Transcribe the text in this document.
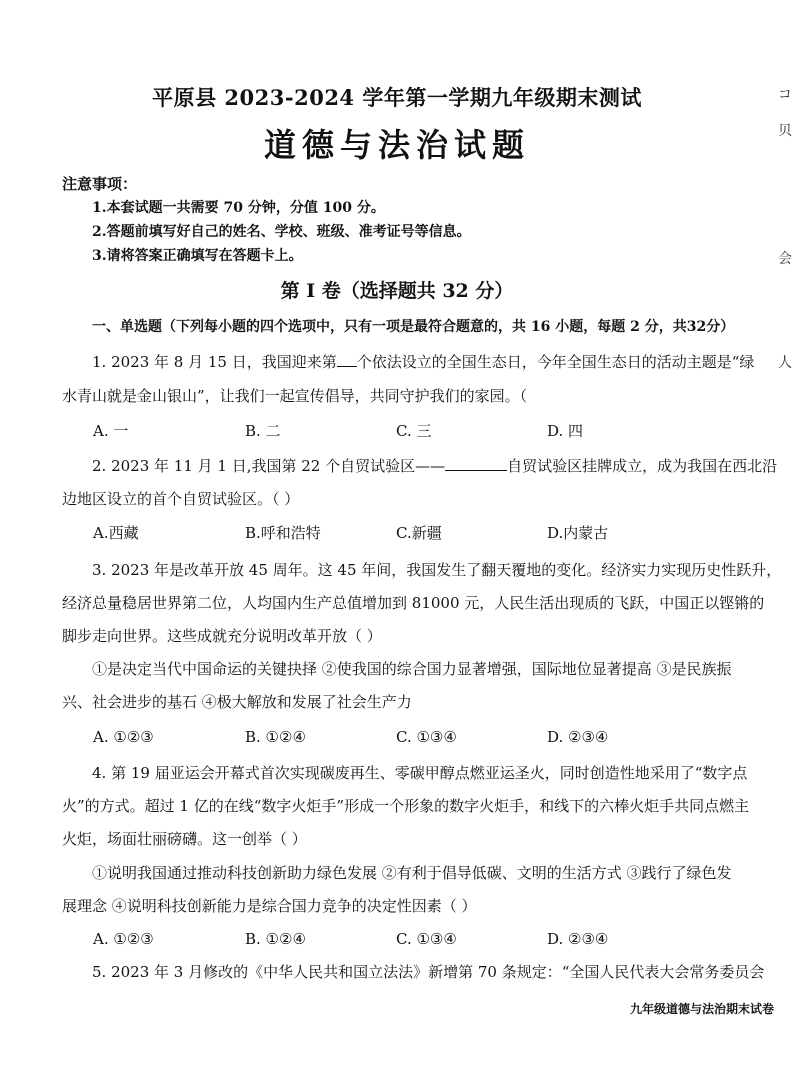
平原县 2023-2024 学年第一学期九年级期末测试
道德与法治试题
注意事项：
1.本套试题一共需要 70 分钟，分值 100 分。
2.答题前填写好自己的姓名、学校、班级、准考证号等信息。
3.请将答案正确填写在答题卡上。
第 I 卷（选择题共 32 分）
一、单选题（下列每小题的四个选项中，只有一项是最符合题意的，共 16 小题，每题 2 分，共32分）
1. 2023 年 8 月 15 日，我国迎来第 个依法设立的全国生态日，今年全国生态日的活动主题是“绿
水青山就是金山银山”，让我们一起宣传倡导，共同守护我们的家园。（
A. 一	B. 二	C. 三	D. 四
2. 2023 年 11 月 1 日,我国第 22 个自贸试验区——	自贸试验区挂牌成立，成为我国在西北沿
边地区设立的首个自贸试验区。（ ）
A.西藏	B.呼和浩特	C.新疆	D.内蒙古
3. 2023 年是改革开放 45 周年。这 45 年间，我国发生了翻天覆地的变化。经济实力实现历史性跃升，
经济总量稳居世界第二位，人均国内生产总值增加到 81000 元，人民生活出现质的飞跃，中国正以铿锵的
脚步走向世界。这些成就充分说明改革开放（ ）
①是决定当代中国命运的关键抉择 ②使我国的综合国力显著增强，国际地位显著提高 ③是民族振
兴、社会进步的基石 ④极大解放和发展了社会生产力
A. ①②③	B. ①②④	C. ①③④	D. ②③④
4. 第 19 届亚运会开幕式首次实现碳废再生、零碳甲醇点燃亚运圣火，同时创造性地采用了“数字点
火”的方式。超过 1 亿的在线“数字火炬手”形成一个形象的数字火炬手，和线下的六棒火炬手共同点燃主
火炬，场面壮丽磅礴。这一创举（ ）
①说明我国通过推动科技创新助力绿色发展 ②有利于倡导低碳、文明的生活方式 ③践行了绿色发
展理念 ④说明科技创新能力是综合国力竞争的决定性因素（ ）
A. ①②③	B. ①②④	C. ①③④	D. ②③④
5. 2023 年 3 月修改的《中华人民共和国立法法》新增第 70 条规定：“全国人民代表大会常务委员会
コ
贝
会
人
九年级道德与法治期末试卷
